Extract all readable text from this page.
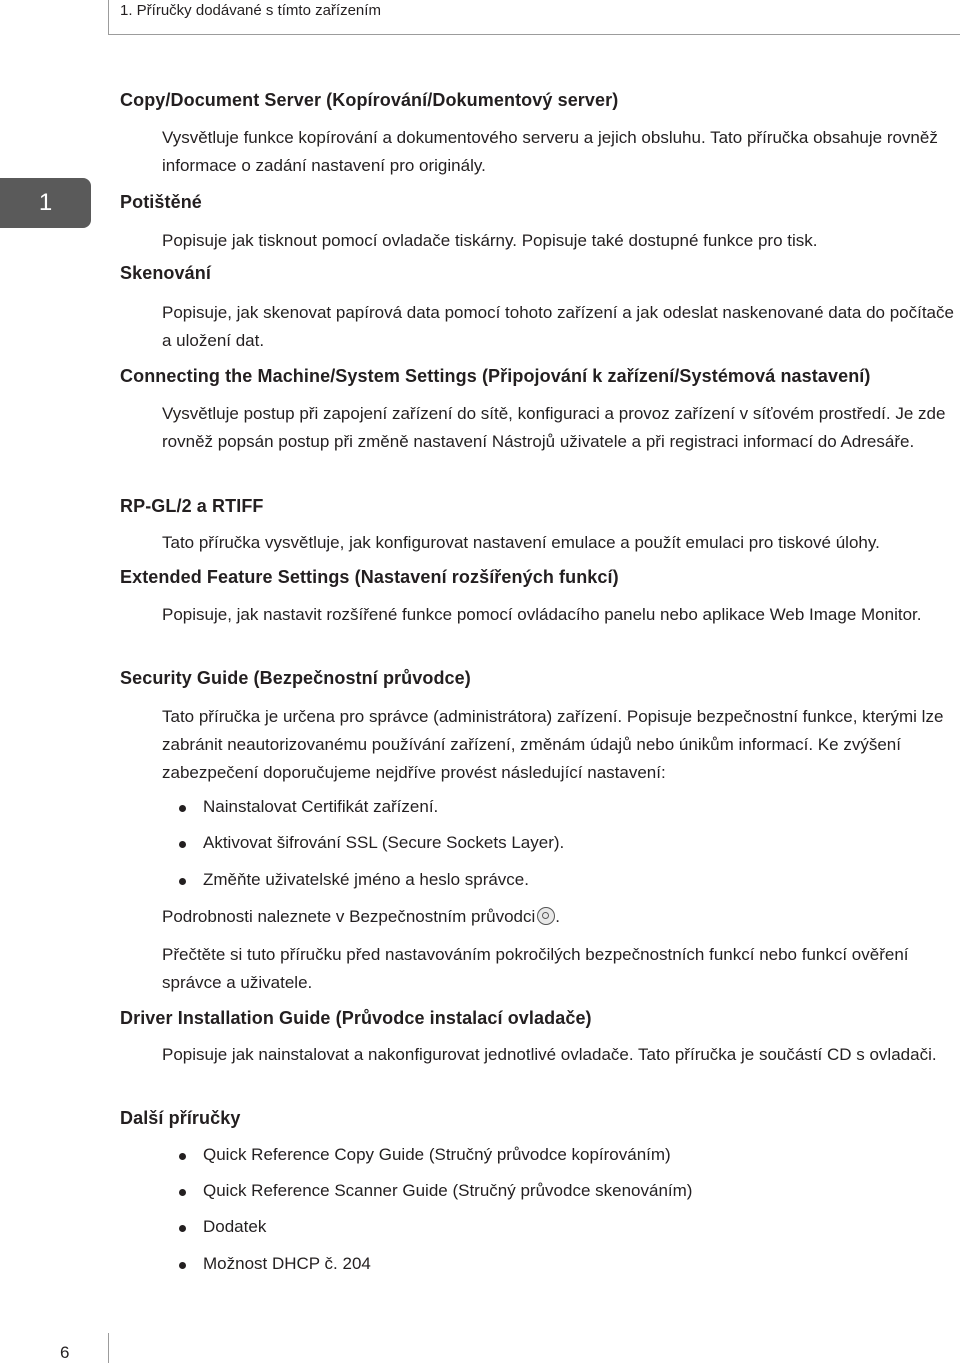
1. Příručky dodávané s tímto zařízením
1
Copy/Document Server (Kopírování/Dokumentový server)
Vysvětluje funkce kopírování a dokumentového serveru a jejich obsluhu. Tato příručka obsahuje rovněž informace o zadání nastavení pro originály.
Potištěné
Popisuje jak tisknout pomocí ovladače tiskárny. Popisuje také dostupné funkce pro tisk.
Skenování
Popisuje, jak skenovat papírová data pomocí tohoto zařízení a jak odeslat naskenované data do počítače a uložení dat.
Connecting the Machine/System Settings (Připojování k zařízení/Systémová nastavení)
Vysvětluje postup při zapojení zařízení do sítě, konfiguraci a provoz zařízení v síťovém prostředí. Je zde rovněž popsán postup při změně nastavení Nástrojů uživatele a při registraci informací do Adresáře.
RP-GL/2 a RTIFF
Tato příručka vysvětluje, jak konfigurovat nastavení emulace a použít emulaci pro tiskové úlohy.
Extended Feature Settings (Nastavení rozšířených funkcí)
Popisuje, jak nastavit rozšířené funkce pomocí ovládacího panelu nebo aplikace Web Image Monitor.
Security Guide (Bezpečnostní průvodce)
Tato příručka je určena pro správce (administrátora) zařízení. Popisuje bezpečnostní funkce, kterými lze zabránit neautorizovanému používání zařízení, změnám údajů nebo únikům informací. Ke zvýšení zabezpečení doporučujeme nejdříve provést následující nastavení:
Nainstalovat Certifikát zařízení.
Aktivovat šifrování SSL (Secure Sockets Layer).
Změňte uživatelské jméno a heslo správce.
Podrobnosti naleznete v Bezpečnostním průvodci .
Přečtěte si tuto příručku před nastavováním pokročilých bezpečnostních funkcí nebo funkcí ověření správce a uživatele.
Driver Installation Guide (Průvodce instalací ovladače)
Popisuje jak nainstalovat a nakonfigurovat jednotlivé ovladače. Tato příručka je součástí CD s ovladači.
Další příručky
Quick Reference Copy Guide (Stručný průvodce kopírováním)
Quick Reference Scanner Guide (Stručný průvodce skenováním)
Dodatek
Možnost DHCP č. 204
6
